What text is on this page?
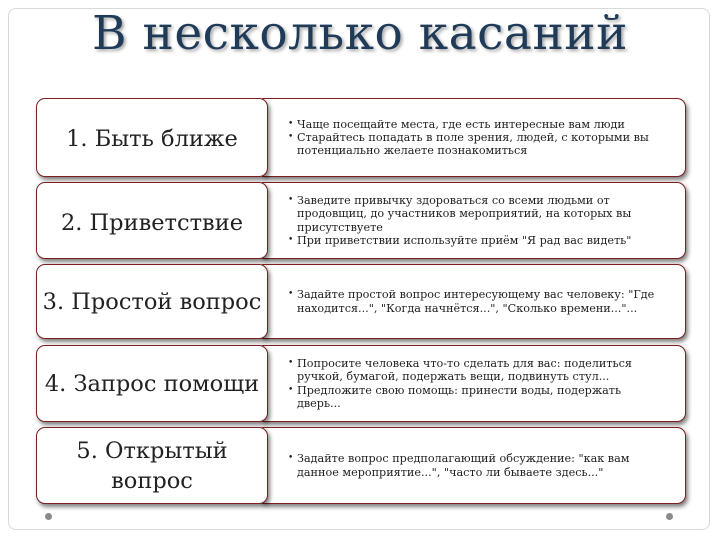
В несколько касаний
1. Быть ближе
• Чаще посещайте места, где есть интересные вам люди
• Старайтесь попадать в поле зрения, людей, с которыми вы потенциально желаете познакомиться
2. Приветствие
• Заведите привычку здороваться со всеми людьми от продовщиц, до участников мероприятий, на которых вы присутствуете
• При приветствии используйте приём "Я рад вас видеть"
3. Простой вопрос	• Задайте простой вопрос интересующему вас человеку: "Где находится...", "Когда начнётся...", "Сколько времени..."...
4. Запрос помощи
• Попросите человека что-то сделать для вас: поделиться ручкой, бумагой, подержать вещи, подвинуть стул...
• Предложите свою помощь: принести воды, подержать дверь...
5. Открытый вопрос
• Задайте вопрос предполагающий обсуждение: "как вам данное мероприятие...", "часто ли бываете здесь..."
